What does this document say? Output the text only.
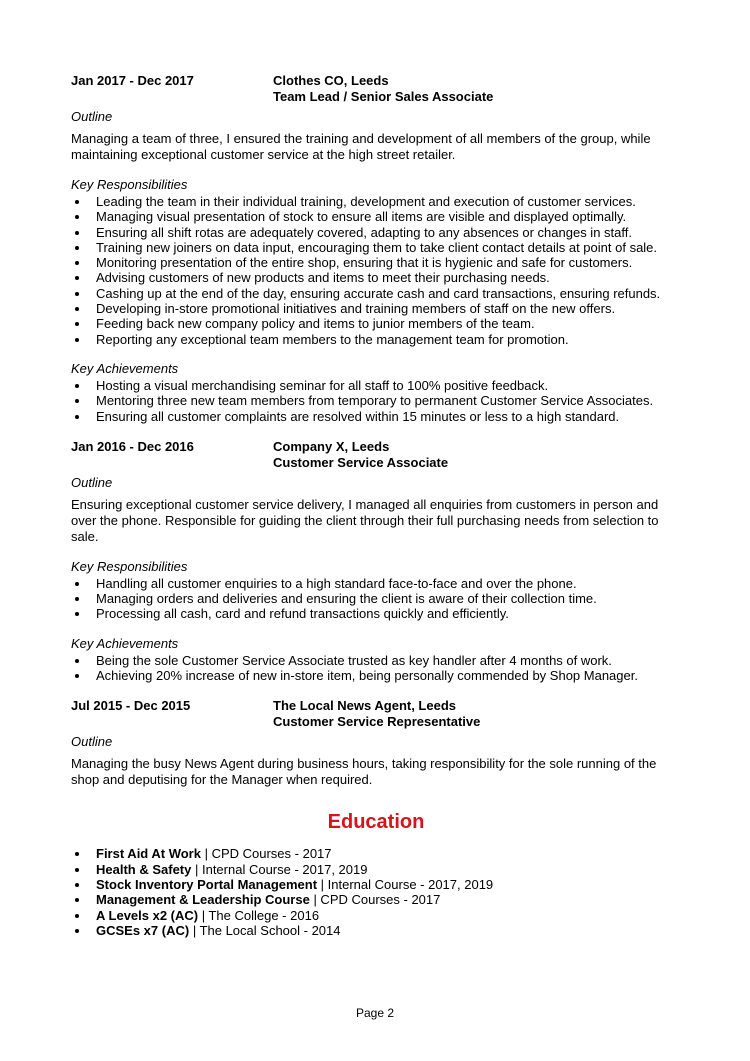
Jan 2017 - Dec 2017	Clothes CO, Leeds
Team Lead / Senior Sales Associate
Outline
Managing a team of three, I ensured the training and development of all members of the group, while maintaining exceptional customer service at the high street retailer.
Key Responsibilities
Leading the team in their individual training, development and execution of customer services.
Managing visual presentation of stock to ensure all items are visible and displayed optimally.
Ensuring all shift rotas are adequately covered, adapting to any absences or changes in staff.
Training new joiners on data input, encouraging them to take client contact details at point of sale.
Monitoring presentation of the entire shop, ensuring that it is hygienic and safe for customers.
Advising customers of new products and items to meet their purchasing needs.
Cashing up at the end of the day, ensuring accurate cash and card transactions, ensuring refunds.
Developing in-store promotional initiatives and training members of staff on the new offers.
Feeding back new company policy and items to junior members of the team.
Reporting any exceptional team members to the management team for promotion.
Key Achievements
Hosting a visual merchandising seminar for all staff to 100% positive feedback.
Mentoring three new team members from temporary to permanent Customer Service Associates.
Ensuring all customer complaints are resolved within 15 minutes or less to a high standard.
Jan 2016 - Dec 2016	Company X, Leeds
Customer Service Associate
Outline
Ensuring exceptional customer service delivery, I managed all enquiries from customers in person and over the phone. Responsible for guiding the client through their full purchasing needs from selection to sale.
Key Responsibilities
Handling all customer enquiries to a high standard face-to-face and over the phone.
Managing orders and deliveries and ensuring the client is aware of their collection time.
Processing all cash, card and refund transactions quickly and efficiently.
Key Achievements
Being the sole Customer Service Associate trusted as key handler after 4 months of work.
Achieving 20% increase of new in-store item, being personally commended by Shop Manager.
Jul 2015 - Dec 2015	The Local News Agent, Leeds
Customer Service Representative
Outline
Managing the busy News Agent during business hours, taking responsibility for the sole running of the shop and deputising for the Manager when required.
Education
First Aid At Work | CPD Courses - 2017
Health & Safety | Internal Course - 2017, 2019
Stock Inventory Portal Management | Internal Course - 2017, 2019
Management & Leadership Course | CPD Courses - 2017
A Levels x2 (AC) | The College - 2016
GCSEs x7 (AC) | The Local School - 2014
Page 2
